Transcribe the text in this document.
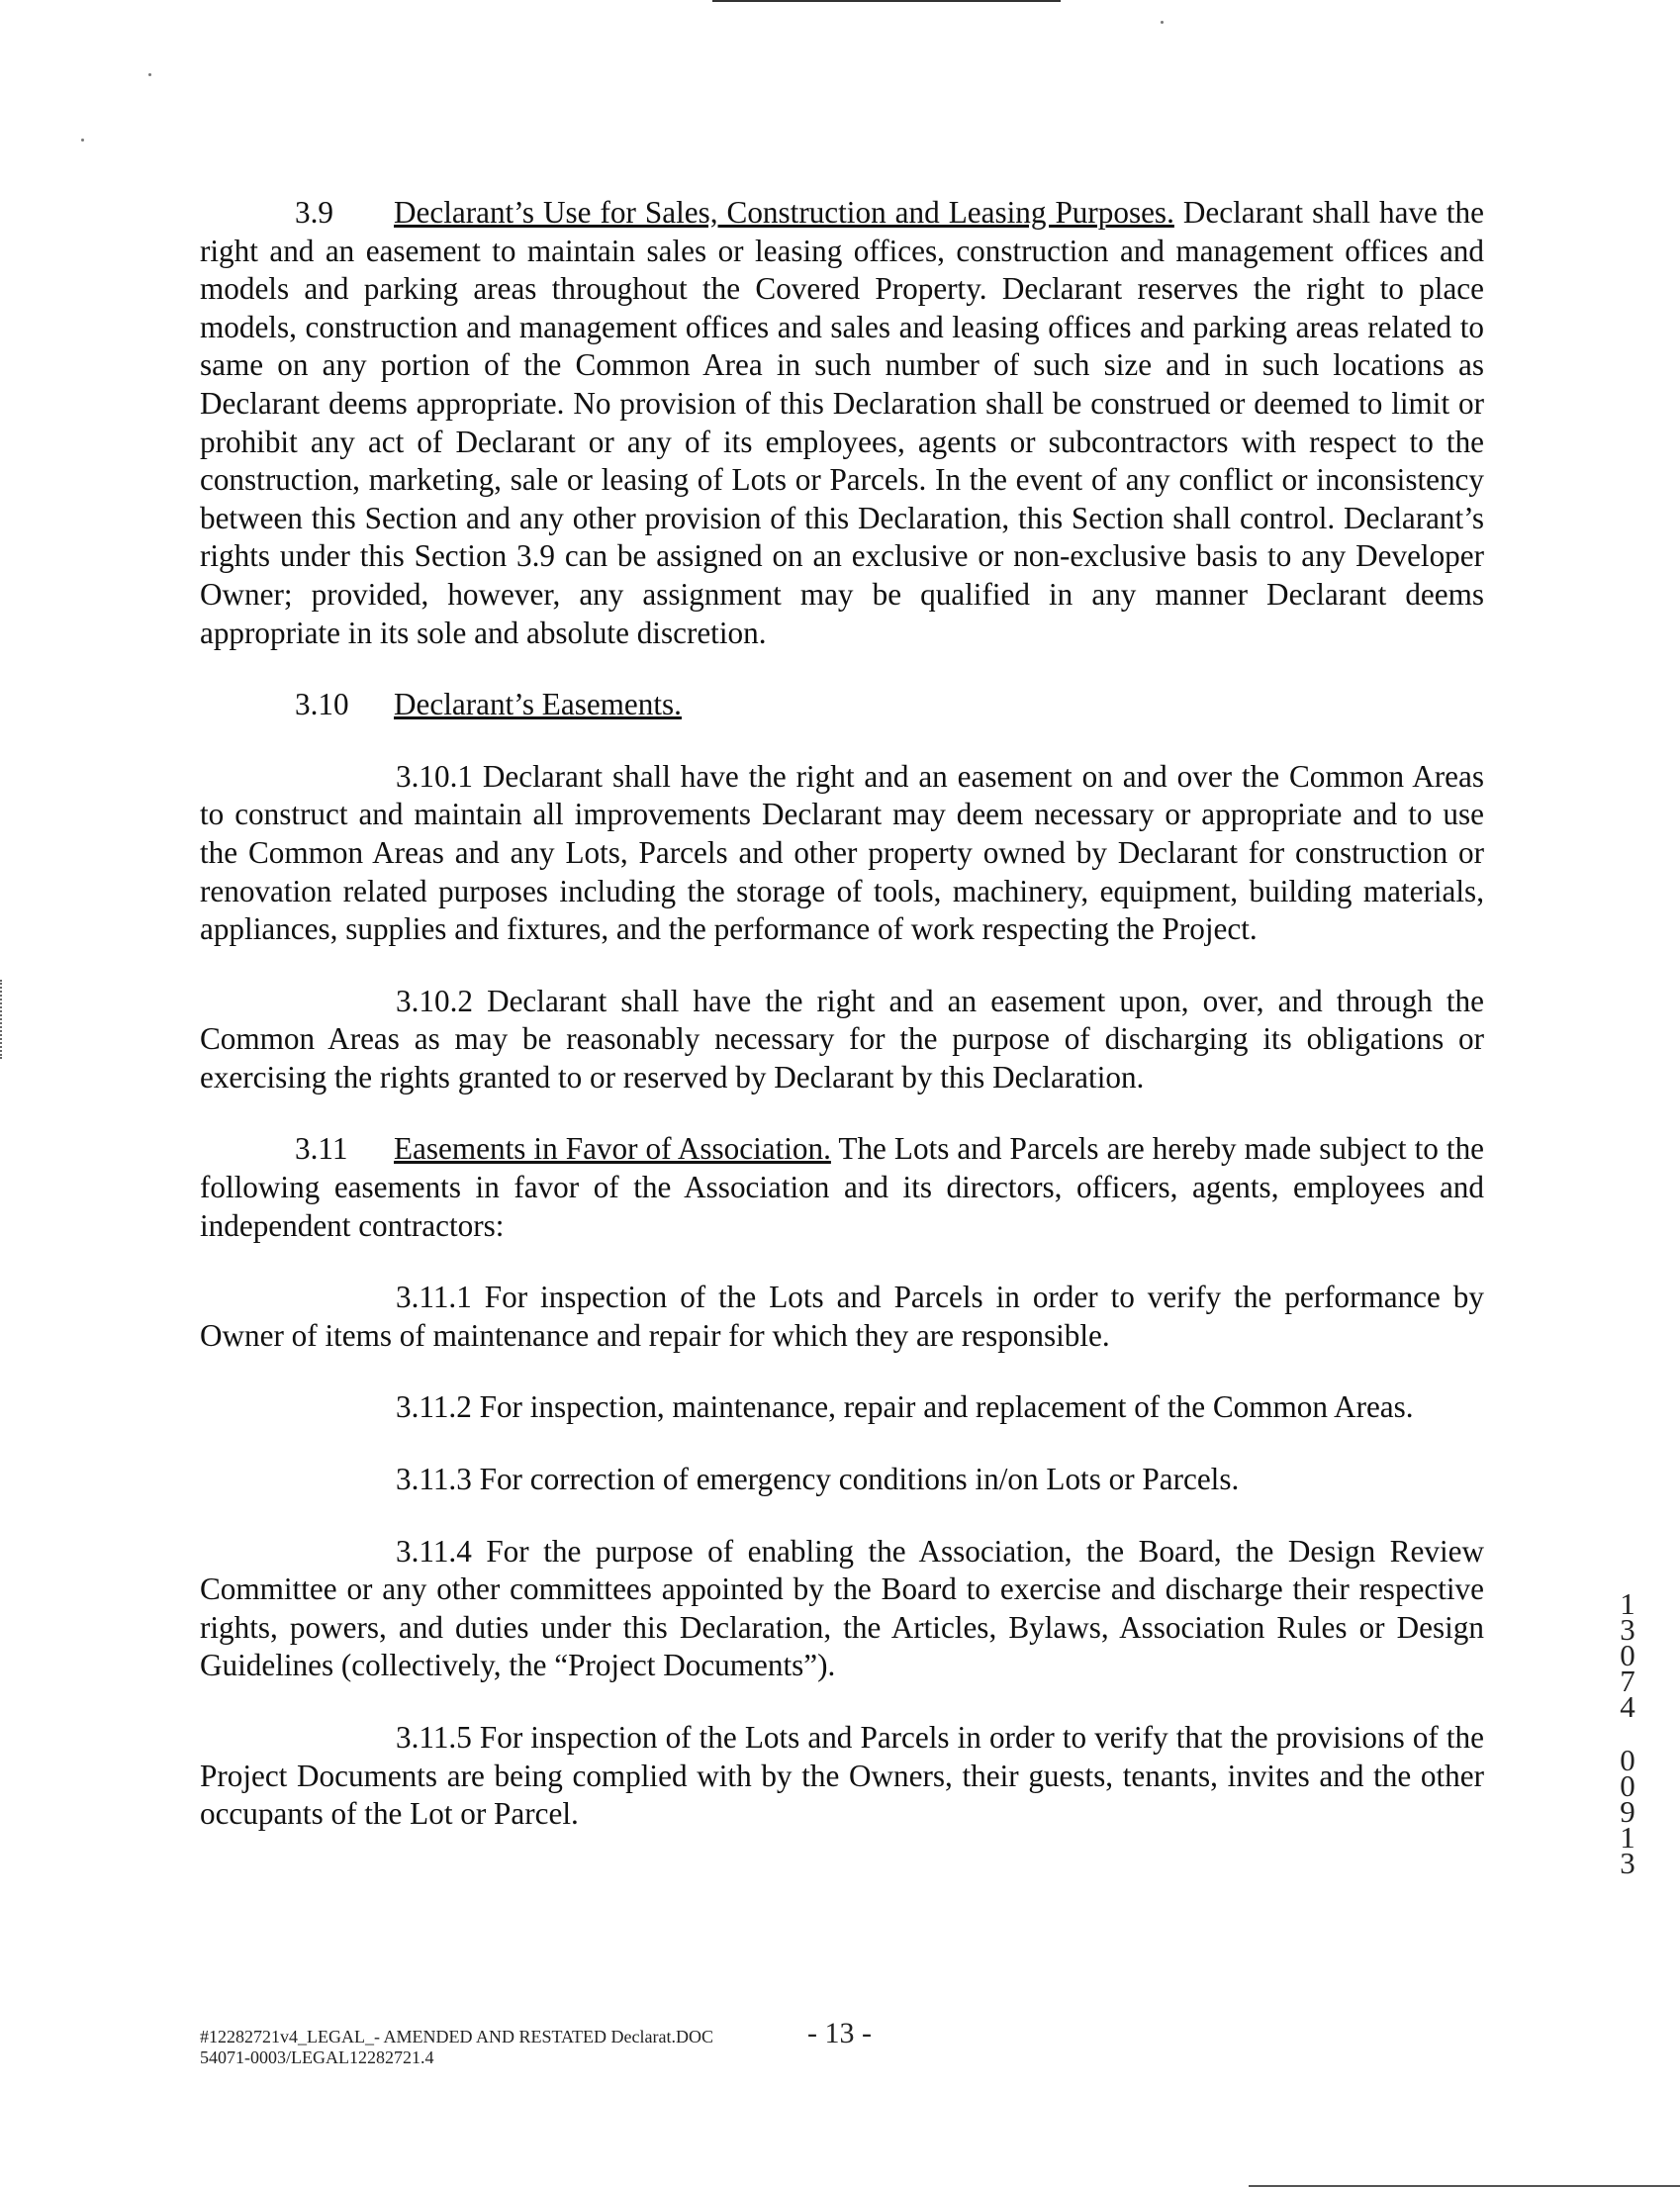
3.9 Declarant’s Use for Sales, Construction and Leasing Purposes. Declarant shall have the right and an easement to maintain sales or leasing offices, construction and management offices and models and parking areas throughout the Covered Property. Declarant reserves the right to place models, construction and management offices and sales and leasing offices and parking areas related to same on any portion of the Common Area in such number of such size and in such locations as Declarant deems appropriate. No provision of this Declaration shall be construed or deemed to limit or prohibit any act of Declarant or any of its employees, agents or subcontractors with respect to the construction, marketing, sale or leasing of Lots or Parcels. In the event of any conflict or inconsistency between this Section and any other provision of this Declaration, this Section shall control. Declarant’s rights under this Section 3.9 can be assigned on an exclusive or non-exclusive basis to any Developer Owner; provided, however, any assignment may be qualified in any manner Declarant deems appropriate in its sole and absolute discretion.

3.10 Declarant’s Easements.

3.10.1 Declarant shall have the right and an easement on and over the Common Areas to construct and maintain all improvements Declarant may deem necessary or appropriate and to use the Common Areas and any Lots, Parcels and other property owned by Declarant for construction or renovation related purposes including the storage of tools, machinery, equipment, building materials, appliances, supplies and fixtures, and the performance of work respecting the Project.

3.10.2 Declarant shall have the right and an easement upon, over, and through the Common Areas as may be reasonably necessary for the purpose of discharging its obligations or exercising the rights granted to or reserved by Declarant by this Declaration.

3.11 Easements in Favor of Association. The Lots and Parcels are hereby made subject to the following easements in favor of the Association and its directors, officers, agents, employees and independent contractors:

3.11.1 For inspection of the Lots and Parcels in order to verify the performance by Owner of items of maintenance and repair for which they are responsible.

3.11.2 For inspection, maintenance, repair and replacement of the Common Areas.

3.11.3 For correction of emergency conditions in/on Lots or Parcels.

3.11.4 For the purpose of enabling the Association, the Board, the Design Review Committee or any other committees appointed by the Board to exercise and discharge their respective rights, powers, and duties under this Declaration, the Articles, Bylaws, Association Rules or Design Guidelines (collectively, the “Project Documents”).

3.11.5 For inspection of the Lots and Parcels in order to verify that the provisions of the Project Documents are being complied with by the Owners, their guests, tenants, invites and the other occupants of the Lot or Parcel.

1
3
0
7
4
0
0
9
1
3
#12282721v4_LEGAL_- AMENDED AND RESTATED Declarat.DOC
54071-0003/LEGAL12282721.4
- 13 -
